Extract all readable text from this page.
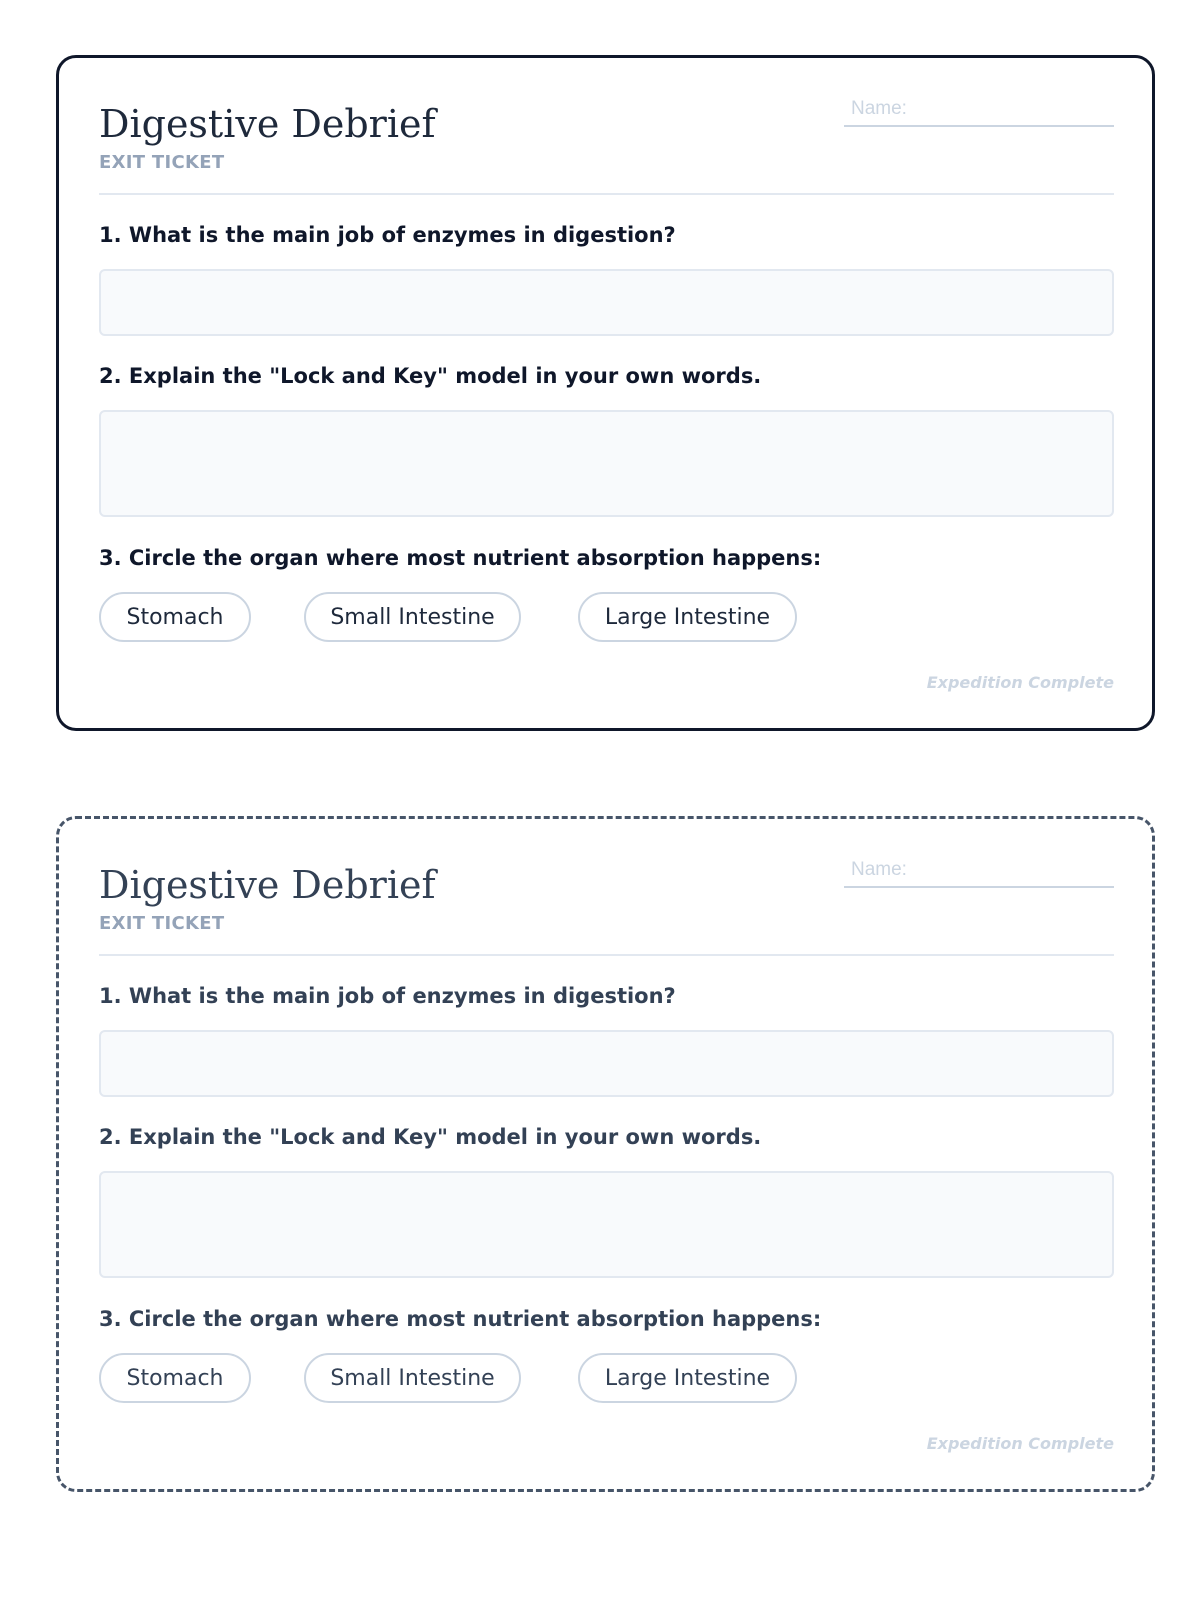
Digestive Debrief
EXIT TICKET
Name:
1. What is the main job of enzymes in digestion?
2. Explain the "Lock and Key" model in your own words.
3. Circle the organ where most nutrient absorption happens:
Stomach	Small Intestine	Large Intestine
Expedition Complete
Digestive Debrief
EXIT TICKET
Name:
1. What is the main job of enzymes in digestion?
2. Explain the "Lock and Key" model in your own words.
3. Circle the organ where most nutrient absorption happens:
Stomach	Small Intestine	Large Intestine
Expedition Complete
